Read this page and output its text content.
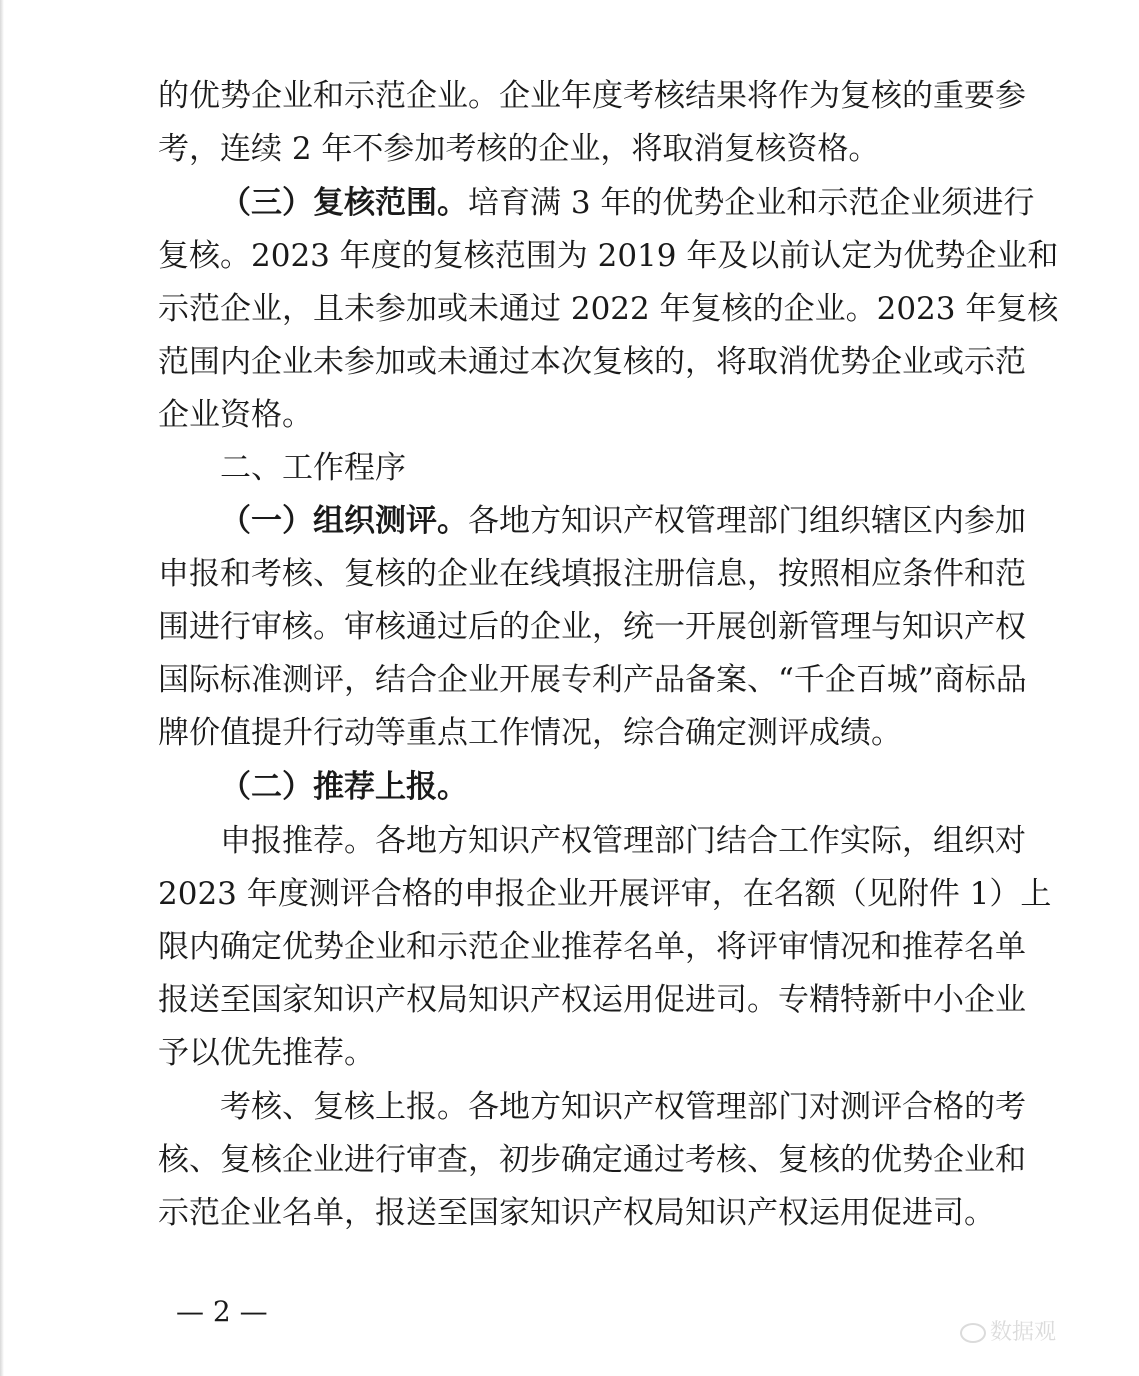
的优势企业和示范企业。企业年度考核结果将作为复核的重要参
考，连续 2 年不参加考核的企业，将取消复核资格。
（三）复核范围。培育满 3 年的优势企业和示范企业须进行
复核。2023 年度的复核范围为 2019 年及以前认定为优势企业和
示范企业，且未参加或未通过 2022 年复核的企业。2023 年复核
范围内企业未参加或未通过本次复核的，将取消优势企业或示范
企业资格。
二、工作程序
（一）组织测评。各地方知识产权管理部门组织辖区内参加
申报和考核、复核的企业在线填报注册信息，按照相应条件和范
围进行审核。审核通过后的企业，统一开展创新管理与知识产权
国际标准测评，结合企业开展专利产品备案、“千企百城”商标品
牌价值提升行动等重点工作情况，综合确定测评成绩。
（二）推荐上报。
申报推荐。各地方知识产权管理部门结合工作实际，组织对
2023 年度测评合格的申报企业开展评审，在名额（见附件 1）上
限内确定优势企业和示范企业推荐名单，将评审情况和推荐名单
报送至国家知识产权局知识产权运用促进司。专精特新中小企业
予以优先推荐。
考核、复核上报。各地方知识产权管理部门对测评合格的考
核、复核企业进行审查，初步确定通过考核、复核的优势企业和
示范企业名单，报送至国家知识产权局知识产权运用促进司。
— 2 —
数据观
